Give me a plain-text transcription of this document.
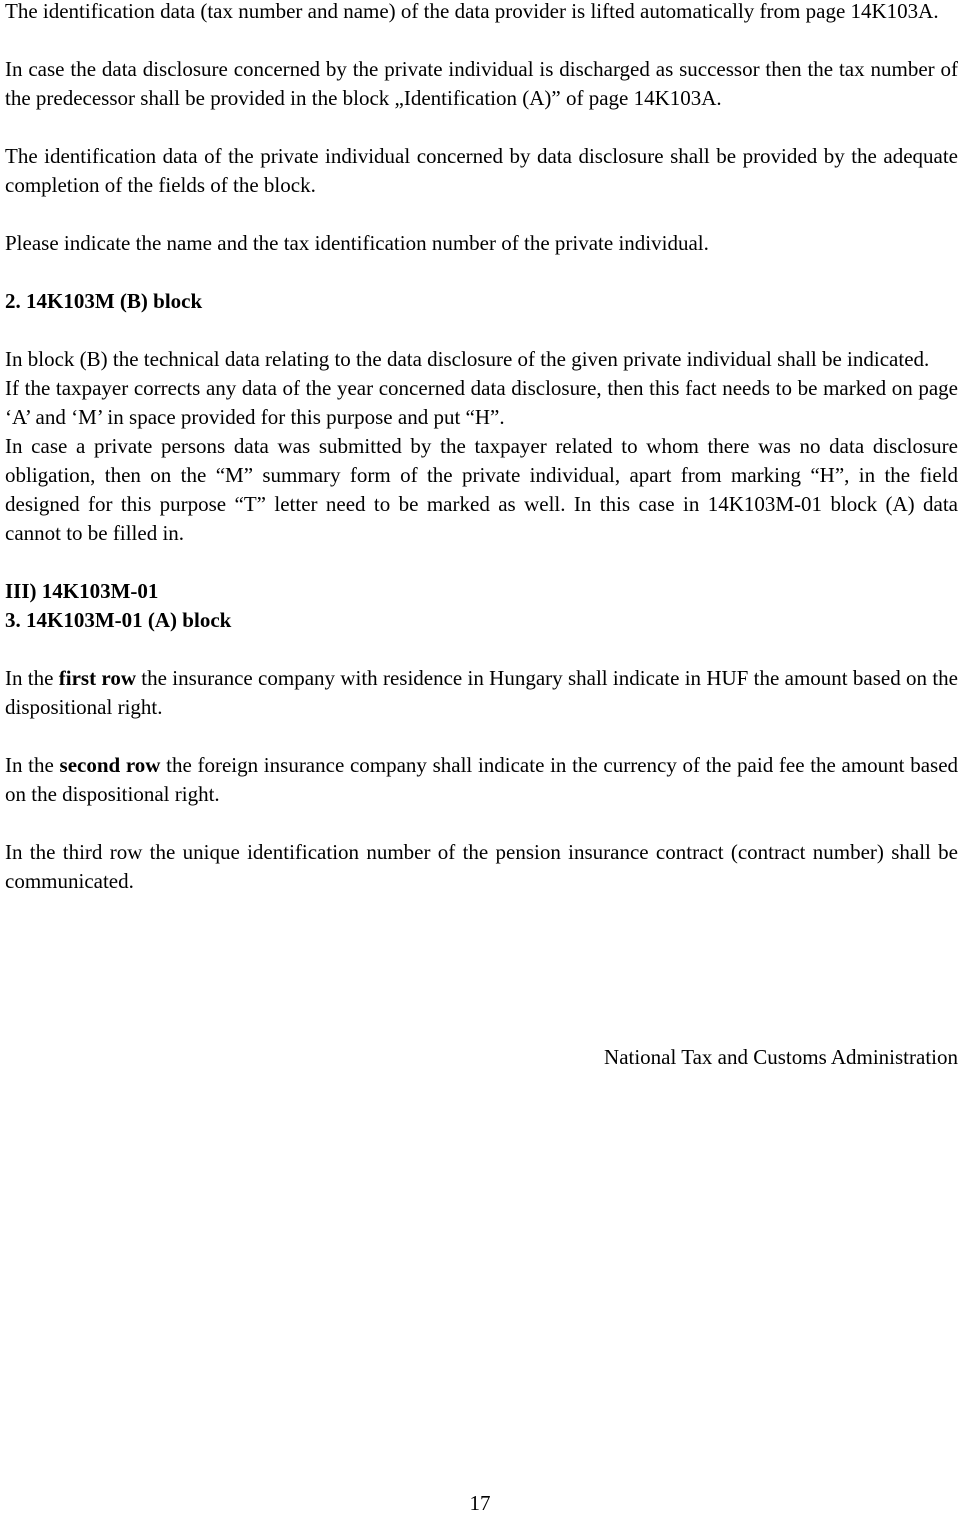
The identification data (tax number and name) of the data provider is lifted automatically from page 14K103A.

In case the data disclosure concerned by the private individual is discharged as successor then the tax number of the predecessor shall be provided in the block „Identification (A)” of page 14K103A.

The identification data of the private individual concerned by data disclosure shall be provided by the adequate completion of the fields of the block.

Please indicate the name and the tax identification number of the private individual.

2. 14K103M (B) block

In block (B) the technical data relating to the data disclosure of the given private individual shall be indicated.

If the taxpayer corrects any data of the year concerned data disclosure, then this fact needs to be marked on page ‘A’ and ‘M’ in space provided for this purpose and put “H”.

In case a private persons data was submitted by the taxpayer related to whom there was no data disclosure obligation, then on the “M” summary form of the private individual, apart from marking “H”, in the field designed for this purpose “T” letter need to be marked as well. In this case in 14K103M-01 block (A) data cannot to be filled in.

III) 14K103M-01

3. 14K103M-01 (A) block

In the first row the insurance company with residence in Hungary shall indicate in HUF the amount based on the dispositional right.

In the second row the foreign insurance company shall indicate in the currency of the paid fee the amount based on the dispositional right.

In the third row the unique identification number of the pension insurance contract (contract number) shall be communicated.

National Tax and Customs Administration
17
